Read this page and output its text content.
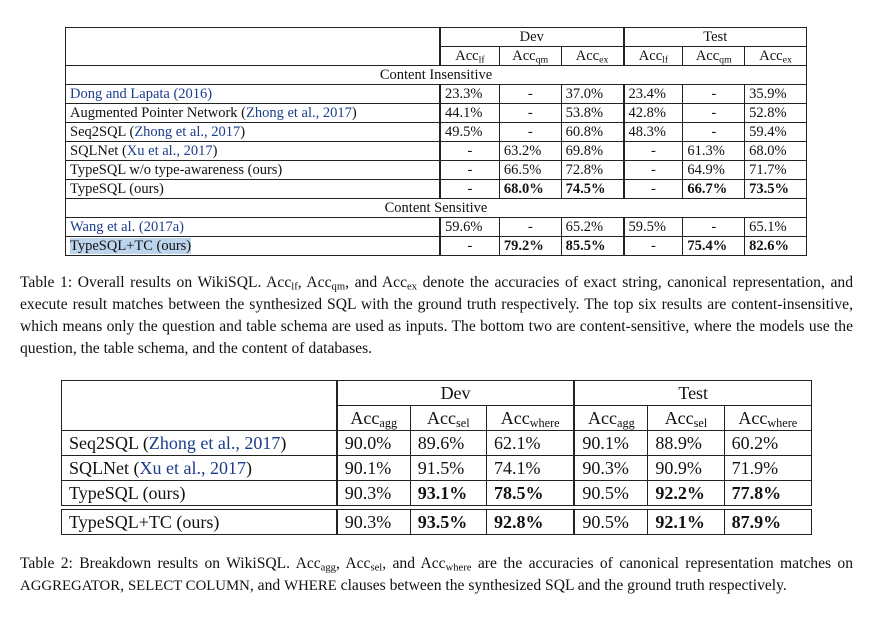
	Dev			Test		
	Acc$_{lf}$	Acc$_{qm}$	Acc$_{ex}$	Acc$_{lf}$	Acc$_{qm}$	Acc$_{ex}$
Content Insensitive						
Dong and Lapata (2016)	23.3%	-	37.0%	23.4%	-	35.9%
Augmented Pointer Network (Zhong et al., 2017)	44.1%	-	53.8%	42.8%	-	52.8%
Seq2SQL (Zhong et al., 2017)	49.5%	-	60.8%	48.3%	-	59.4%
SQLNet (Xu et al., 2017)	-	63.2%	69.8%	-	61.3%	68.0%
TypeSQL w/o type-awareness (ours)	-	66.5%	72.8%	-	64.9%	71.7%
TypeSQL (ours)	-	68.0%	74.5%	-	66.7%	73.5%
Content Sensitive						
Wang et al. (2017a)	59.6%	-	65.2%	59.5%	-	65.1%
TypeSQL+TC (ours)	-	79.2%	85.5%	-	75.4%	82.6%
Table 1: Overall results on WikiSQL. Acc$_{lf}$, Acc$_{qm}$, and Acc$_{ex}$ denote the accuracies of exact string, canonical representation, and execute result matches between the synthesized SQL with the ground truth respectively. The top six results are content-insensitive, which means only the question and table schema are used as inputs. The bottom two are content-sensitive, where the models use the question, the table schema, and the content of databases.
	Dev			Test		
	Acc$_{agg}$	Acc$_{sel}$	Acc$_{where}$	Acc$_{agg}$	Acc$_{sel}$	Acc$_{where}$
Seq2SQL (Zhong et al., 2017)	90.0%	89.6%	62.1%	90.1%	88.9%	60.2%
SQLNet (Xu et al., 2017)	90.1%	91.5%	74.1%	90.3%	90.9%	71.9%
TypeSQL (ours)	90.3%	93.1%	78.5%	90.5%	92.2%	77.8%

TypeSQL+TC (ours)	90.3%	93.5%	92.8%	90.5%	92.1%	87.9%
Table 2: Breakdown results on WikiSQL. Acc$_{agg}$, Acc$_{sel}$, and Acc$_{where}$ are the accuracies of canonical representation matches on AGGREGATOR, SELECT COLUMN, and WHERE clauses between the synthesized SQL and the ground truth respectively.
